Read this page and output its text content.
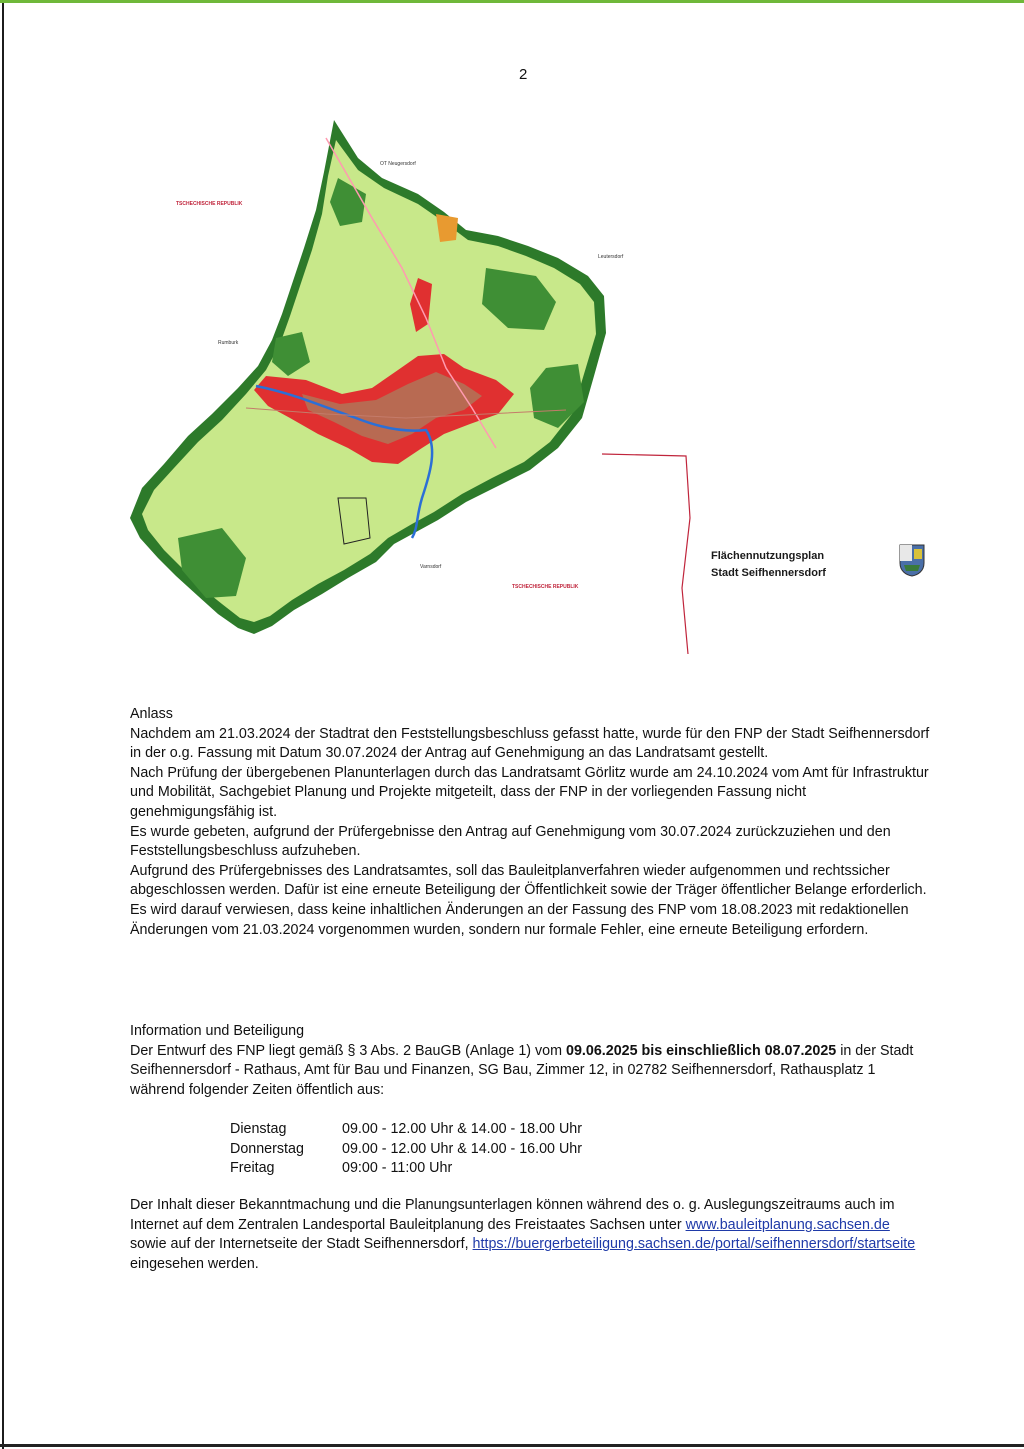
2
OT Neugersdorf
TSCHECHISCHE REPUBLIK
Leutersdorf
Rumburk
Varnsdorf
TSCHECHISCHE REPUBLIK
Flächennutzungsplan
Stadt Seifhennersdorf

Anlass

Nachdem am 21.03.2024 der Stadtrat den Feststellungsbeschluss gefasst hatte, wurde für den FNP der Stadt Seifhennersdorf in der o.g. Fassung mit Datum 30.07.2024 der Antrag auf Genehmigung an das Landratsamt gestellt.

Nach Prüfung der übergebenen Planunterlagen durch das Landratsamt Görlitz wurde am 24.10.2024 vom Amt für Infrastruktur und Mobilität, Sachgebiet Planung und Projekte mitgeteilt, dass der FNP in der vorliegenden Fassung nicht genehmigungsfähig ist.

Es wurde gebeten, aufgrund der Prüfergebnisse den Antrag auf Genehmigung vom 30.07.2024 zurückzuziehen und den Feststellungsbeschluss aufzuheben.

Aufgrund des Prüfergebnisses des Landratsamtes, soll das Bauleitplanverfahren wieder aufgenommen und rechtssicher abgeschlossen werden. Dafür ist eine erneute Beteiligung der Öffentlichkeit sowie der Träger öffentlicher Belange erforderlich.

Es wird darauf verwiesen, dass keine inhaltlichen Änderungen an der Fassung des FNP vom 18.08.2023 mit redaktionellen Änderungen vom 21.03.2024 vorgenommen wurden, sondern nur formale Fehler, eine erneute Beteiligung erfordern.

Information und Beteiligung

Der Entwurf des FNP liegt gemäß § 3 Abs. 2 BauGB (Anlage 1) vom 09.06.2025 bis einschließlich 08.07.2025 in der Stadt Seifhennersdorf - Rathaus, Amt für Bau und Finanzen, SG Bau, Zimmer 12, in 02782 Seifhennersdorf, Rathausplatz 1 während folgender Zeiten öffentlich aus:

Dienstag	09.00 - 12.00 Uhr & 14.00 - 18.00 Uhr
Donnerstag	09.00 - 12.00 Uhr & 14.00 - 16.00 Uhr
Freitag	09:00 - 11:00 Uhr

Der Inhalt dieser Bekanntmachung und die Planungsunterlagen können während des o. g. Auslegungszeitraums auch im Internet auf dem Zentralen Landesportal Bauleitplanung des Freistaates Sachsen unter www.bauleitplanung.sachsen.de sowie auf der Internetseite der Stadt Seifhennersdorf, https://buergerbeteiligung.sachsen.de/portal/seifhennersdorf/startseite eingesehen werden.
